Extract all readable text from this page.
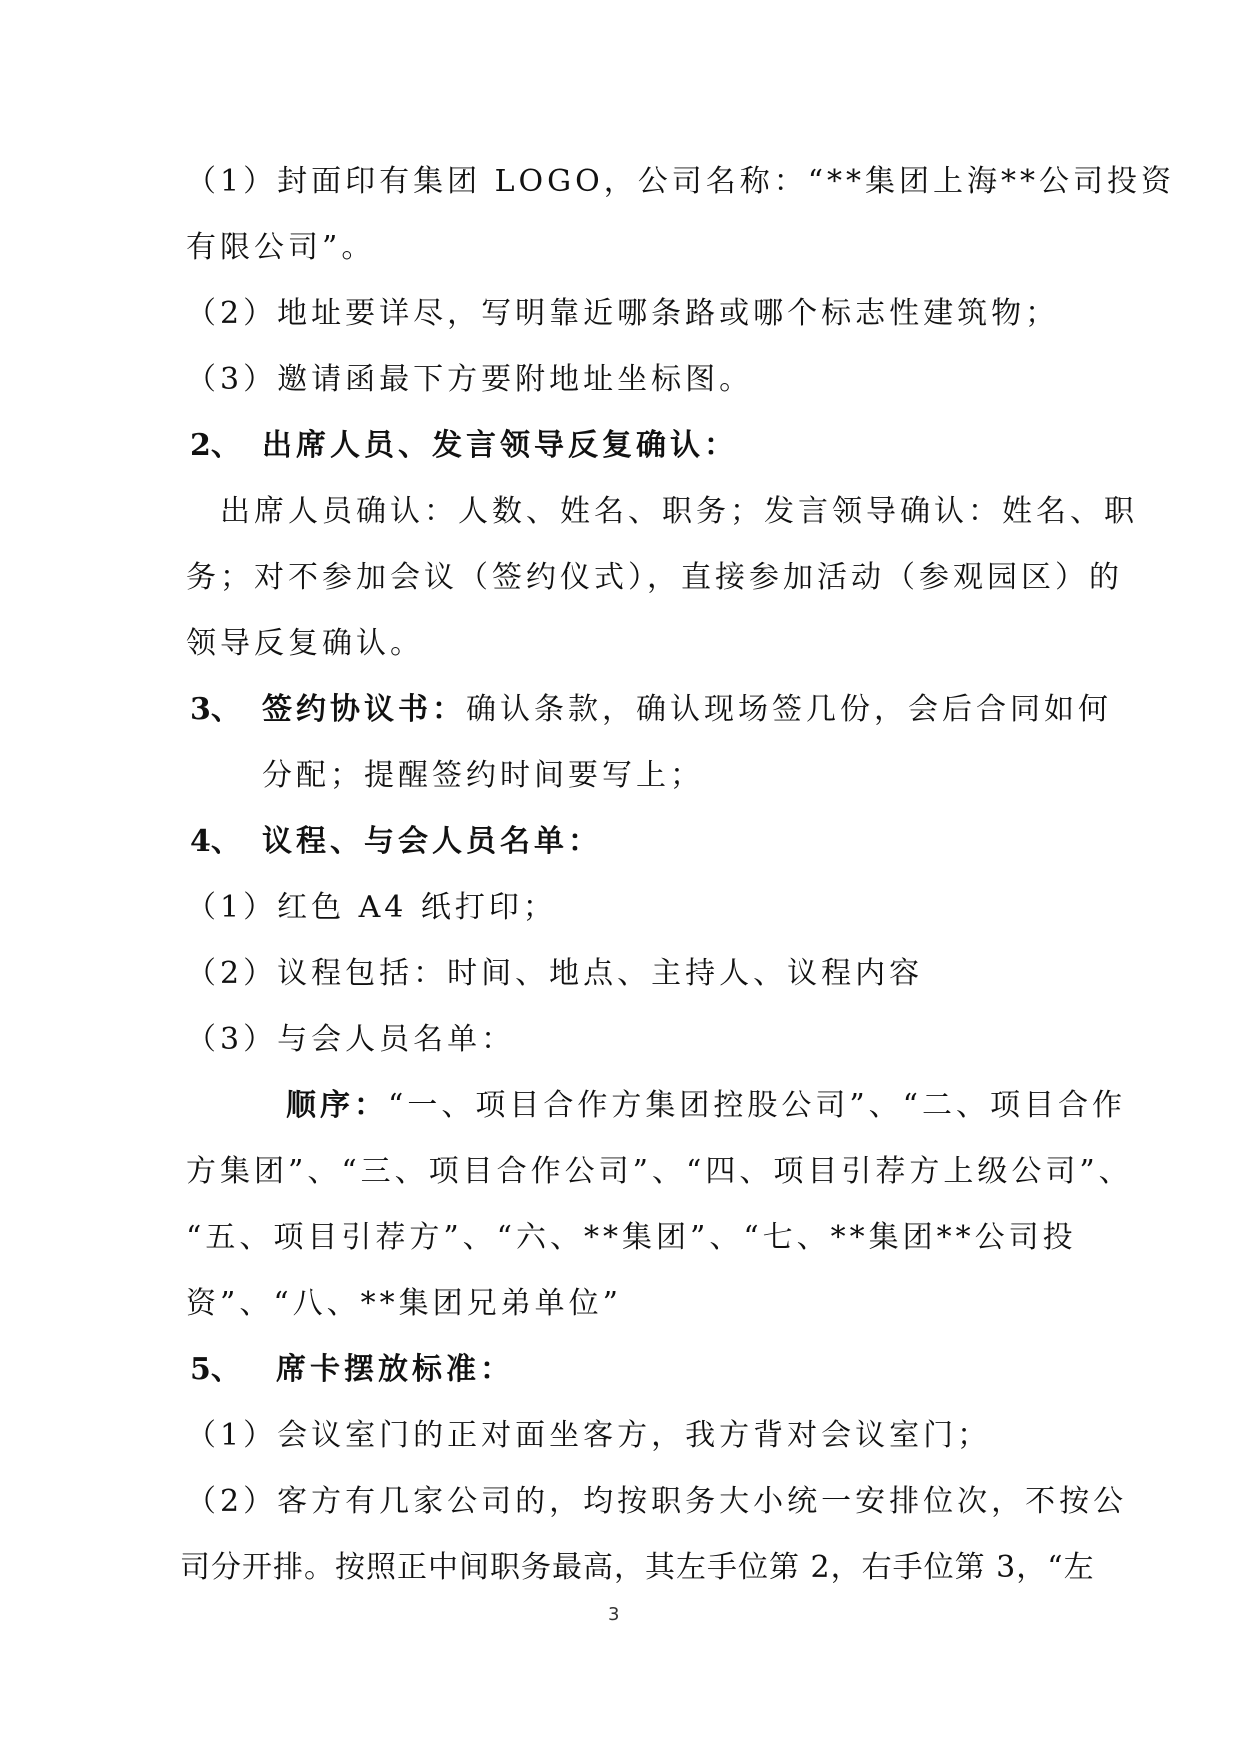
（1）封面印有集团 LOGO，公司名称：“**集团上海**公司投资
有限公司”。
（2）地址要详尽，写明靠近哪条路或哪个标志性建筑物；
（3）邀请函最下方要附地址坐标图。
2、 出席人员、发言领导反复确认：
出席人员确认：人数、姓名、职务；发言领导确认：姓名、职
务；对不参加会议（签约仪式），直接参加活动（参观园区）的
领导反复确认。
3、 签约协议书：确认条款，确认现场签几份，会后合同如何
分配；提醒签约时间要写上；
4、 议程、与会人员名单：
（1）红色 A4 纸打印；
（2）议程包括：时间、地点、主持人、议程内容
（3）与会人员名单：
顺序：“一、项目合作方集团控股公司”、“二、项目合作
方集团”、“三、项目合作公司”、“四、项目引荐方上级公司”、
“五、项目引荐方”、“六、**集团”、“七、**集团**公司投
资”、“八、**集团兄弟单位”
5、 席卡摆放标准：
（1）会议室门的正对面坐客方，我方背对会议室门；
（2）客方有几家公司的，均按职务大小统一安排位次，不按公
司分开排。按照正中间职务最高，其左手位第 2，右手位第 3，“左
3
